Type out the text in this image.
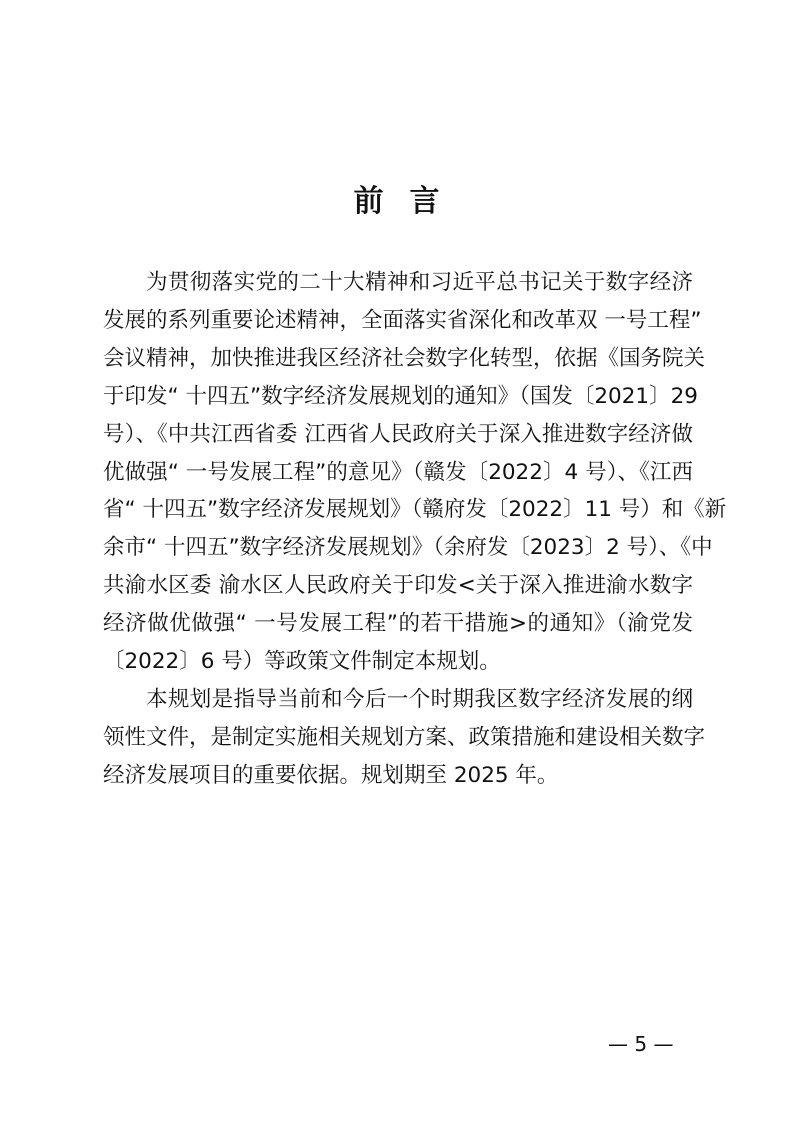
前言
为贯彻落实党的二十大精神和习近平总书记关于数字经济
发展的系列重要论述精神，全面落实省深化和改革双 一号工程”
会议精神，加快推进我区经济社会数字化转型，依据《国务院关
于印发“ 十四五”数字经济发展规划的通知》（国发〔2021〕29
号）、《中共江西省委 江西省人民政府关于深入推进数字经济做
优做强“ 一号发展工程”的意见》（赣发〔2022〕4 号）、《江西
省“ 十四五”数字经济发展规划》（赣府发〔2022〕11 号）和《新
余市“ 十四五”数字经济发展规划》（余府发〔2023〕2 号）、《中
共渝水区委 渝水区人民政府关于印发<关于深入推进渝水数字
经济做优做强“ 一号发展工程”的若干措施>的通知》（渝党发
〔2022〕6 号）等政策文件制定本规划。
本规划是指导当前和今后一个时期我区数字经济发展的纲
领性文件，是制定实施相关规划方案、政策措施和建设相关数字
经济发展项目的重要依据。规划期至 2025 年。
— 5 —
